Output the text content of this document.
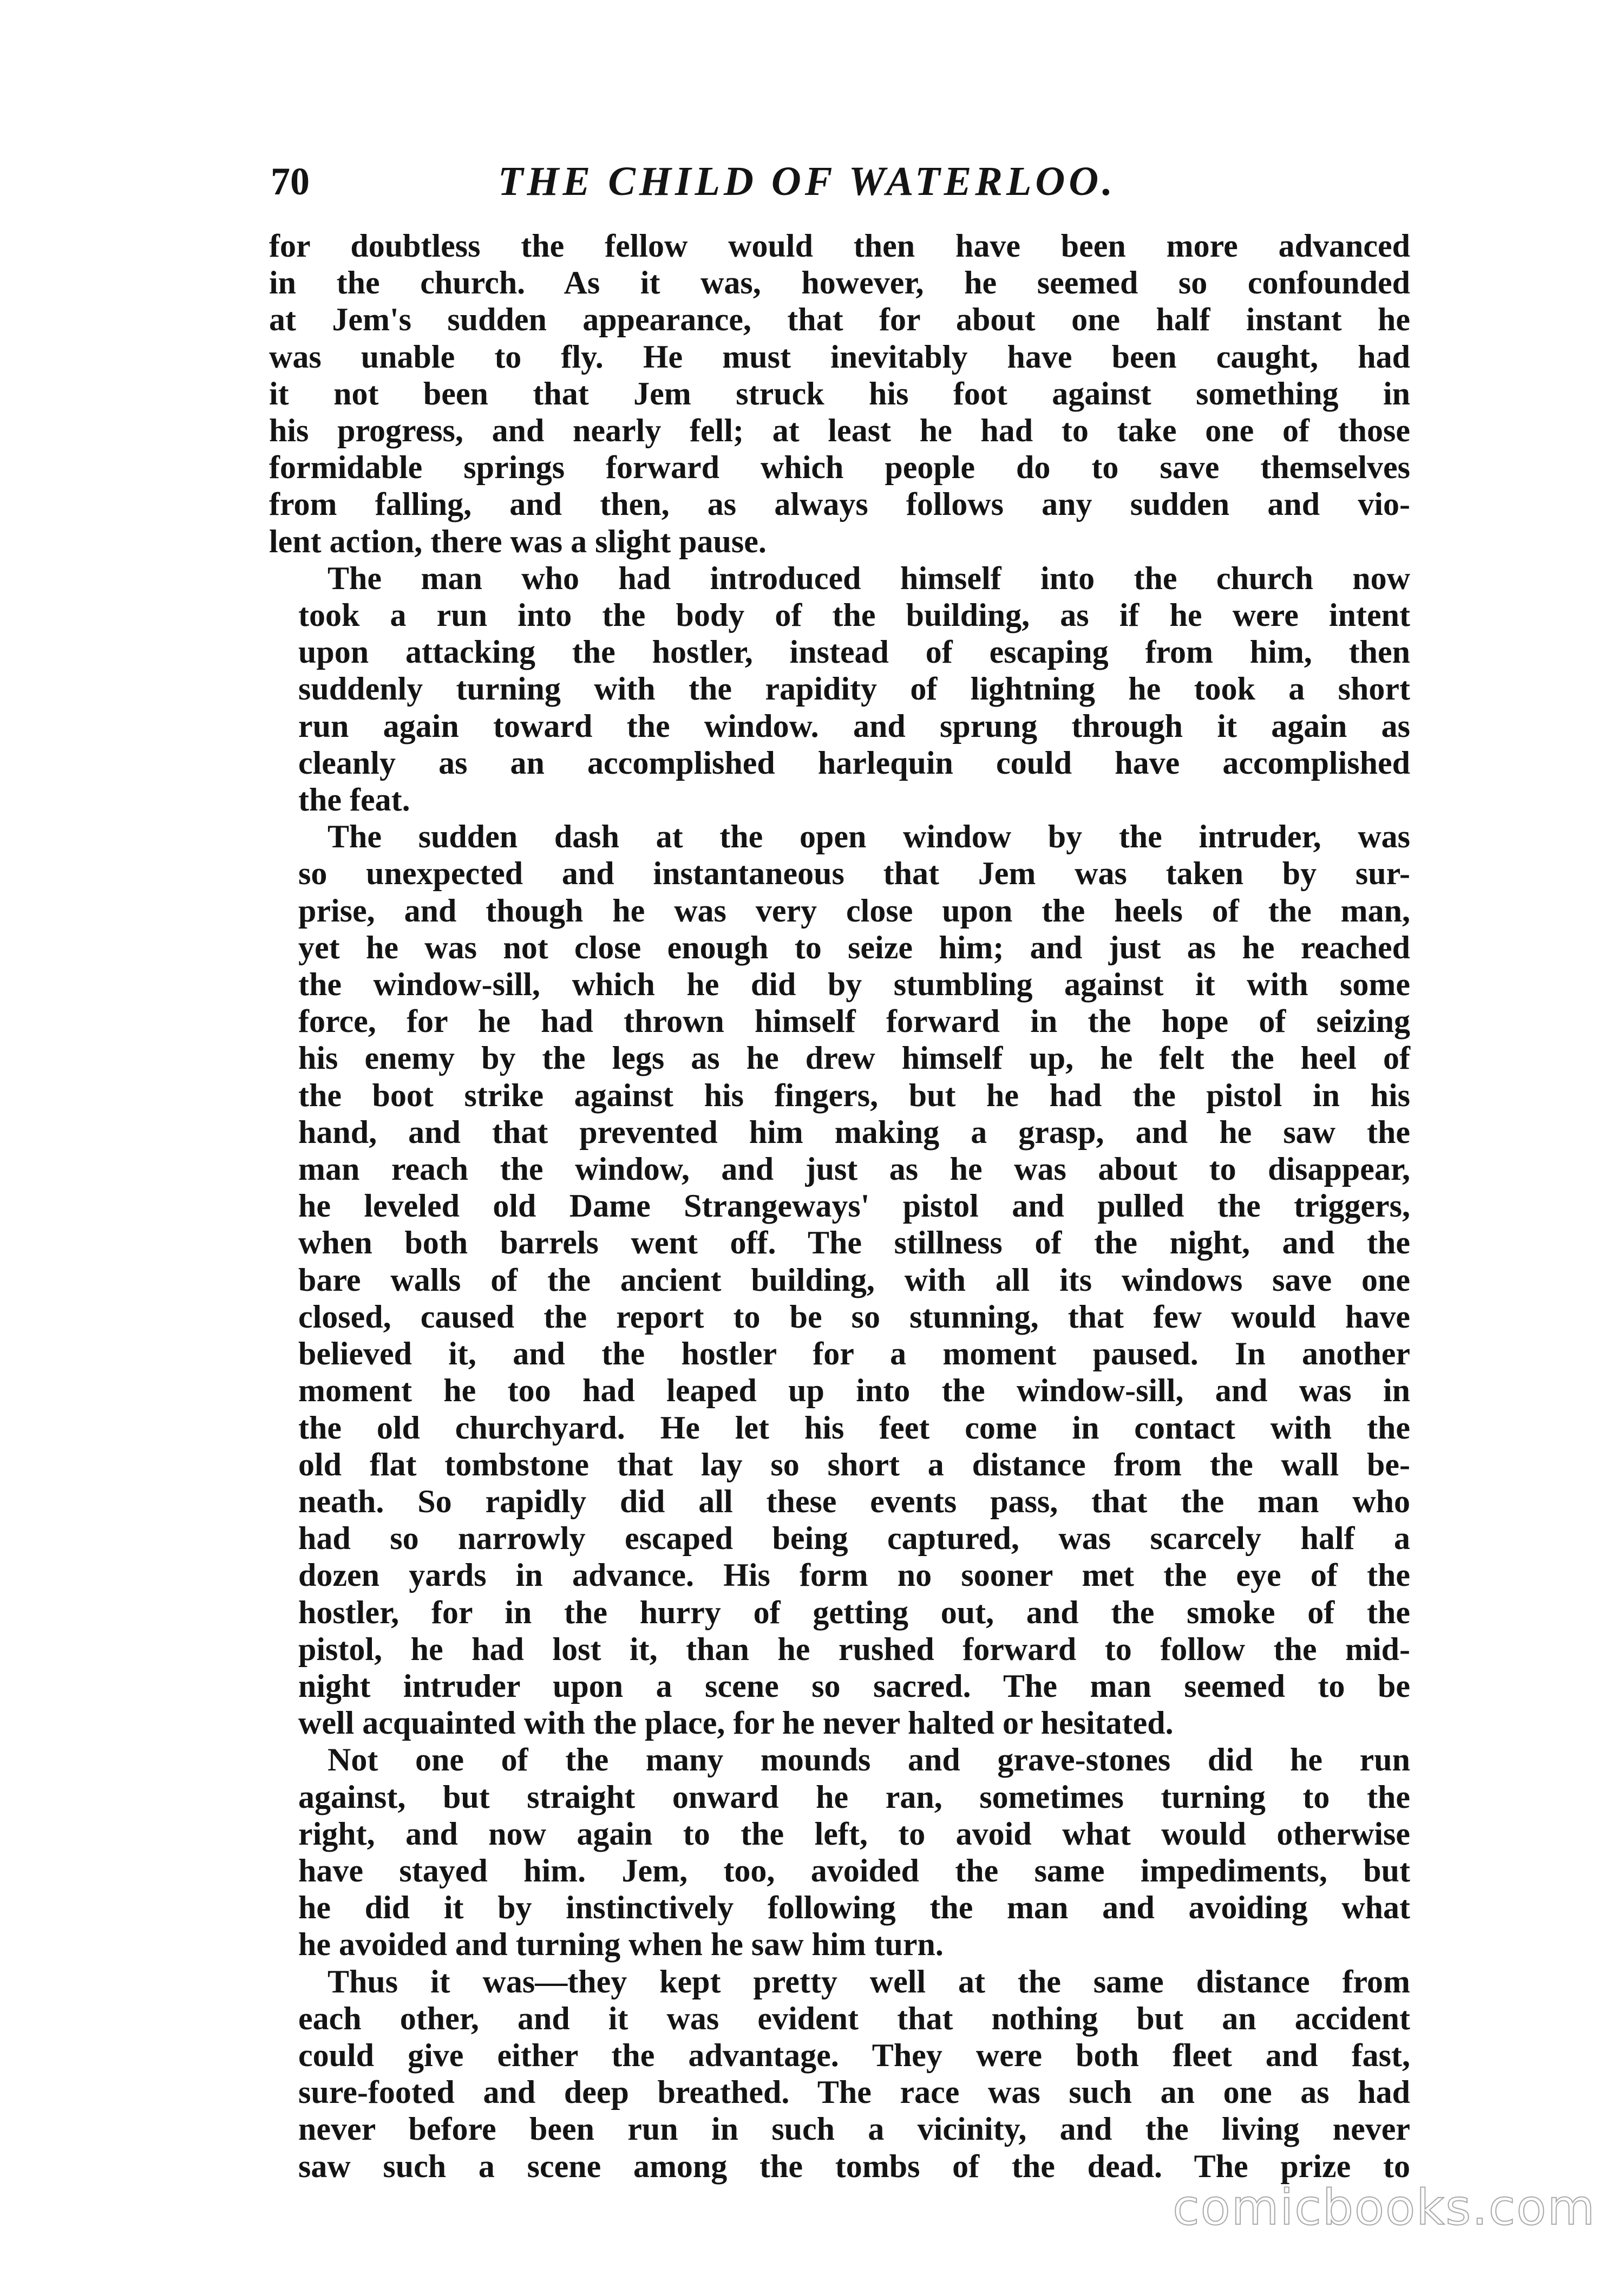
70	THE CHILD OF WATERLOO.
for doubtless the fellow would then have been more advanced
in the church. As it was, however, he seemed so confounded
at Jem's sudden appearance, that for about one half instant he
was unable to fly. He must inevitably have been caught, had
it not been that Jem struck his foot against something in
his progress, and nearly fell; at least he had to take one of those
formidable springs forward which people do to save themselves
from falling, and then, as always follows any sudden and vio-
lent action, there was a slight pause.
The man who had introduced himself into the church now
took a run into the body of the building, as if he were intent
upon attacking the hostler, instead of escaping from him, then
suddenly turning with the rapidity of lightning he took a short
run again toward the window. and sprung through it again as
cleanly as an accomplished harlequin could have accomplished
the feat.
The sudden dash at the open window by the intruder, was
so unexpected and instantaneous that Jem was taken by sur-
prise, and though he was very close upon the heels of the man,
yet he was not close enough to seize him; and just as he reached
the window-sill, which he did by stumbling against it with some
force, for he had thrown himself forward in the hope of seizing
his enemy by the legs as he drew himself up, he felt the heel of
the boot strike against his fingers, but he had the pistol in his
hand, and that prevented him making a grasp, and he saw the
man reach the window, and just as he was about to disappear,
he leveled old Dame Strangeways' pistol and pulled the triggers,
when both barrels went off. The stillness of the night, and the
bare walls of the ancient building, with all its windows save one
closed, caused the report to be so stunning, that few would have
believed it, and the hostler for a moment paused. In another
moment he too had leaped up into the window-sill, and was in
the old churchyard. He let his feet come in contact with the
old flat tombstone that lay so short a distance from the wall be-
neath. So rapidly did all these events pass, that the man who
had so narrowly escaped being captured, was scarcely half a
dozen yards in advance. His form no sooner met the eye of the
hostler, for in the hurry of getting out, and the smoke of the
pistol, he had lost it, than he rushed forward to follow the mid-
night intruder upon a scene so sacred. The man seemed to be
well acquainted with the place, for he never halted or hesitated.
Not one of the many mounds and grave-stones did he run
against, but straight onward he ran, sometimes turning to the
right, and now again to the left, to avoid what would otherwise
have stayed him. Jem, too, avoided the same impediments, but
he did it by instinctively following the man and avoiding what
he avoided and turning when he saw him turn.
Thus it was—they kept pretty well at the same distance from
each other, and it was evident that nothing but an accident
could give either the advantage. They were both fleet and fast,
sure-footed and deep breathed. The race was such an one as had
never before been run in such a vicinity, and the living never
saw such a scene among the tombs of the dead. The prize to
comicbooks.com
